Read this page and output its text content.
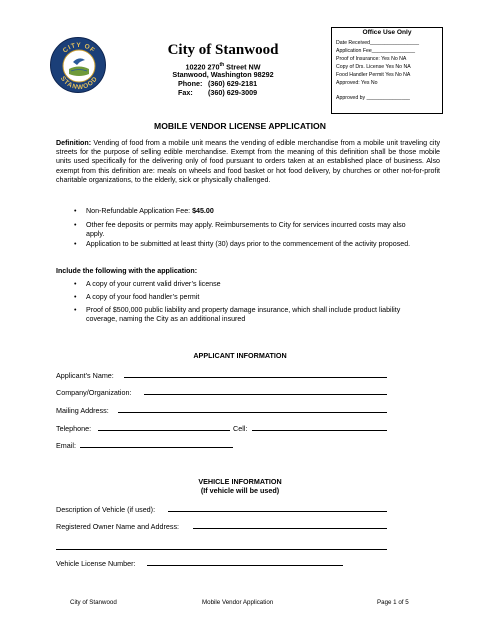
CITY OF
STANWOOD
City of Stanwood
10220 270th Street NW
Stanwood, Washington 98292
Phone: (360) 629-2181
Fax: (360) 629-3009
Office Use Only
Date Received_________________
Application Fee_______________
Proof of Insurance: Yes No NA
Copy of Drs. License Yes No NA
Food Handler Permit Yes No NA
Approved: Yes No
Approved by _______________
MOBILE VENDOR LICENSE APPLICATION
Definition: Vending of food from a mobile unit means the vending of edible merchandise from a mobile unit traveling city streets for the purpose of selling edible merchandise. Exempt from the meaning of this definition shall be those mobile units used specifically for the delivering only of food pursuant to orders taken at an established place of business. Also exempt from this definition are: meals on wheels and food basket or hot food delivery, by churches or other not-for-profit charitable organizations, to the elderly, sick or physically challenged.
• Non-Refundable Application Fee: $45.00
• Other fee deposits or permits may apply. Reimbursements to City for services incurred costs may also apply.
• Application to be submitted at least thirty (30) days prior to the commencement of the activity proposed.
Include the following with the application:
• A copy of your current valid driver’s license
• A copy of your food handler’s permit
• Proof of $500,000 public liability and property damage insurance, which shall include product liability coverage, naming the City as an additional insured
APPLICANT INFORMATION
Applicant’s Name:
Company/Organization:
Mailing Address:
Telephone:	Cell:
Email:
VEHICLE INFORMATION
(If vehicle will be used)
Description of Vehicle (if used):
Registered Owner Name and Address:
Vehicle License Number:
City of Stanwood	Mobile Vendor Application	Page 1 of 5
